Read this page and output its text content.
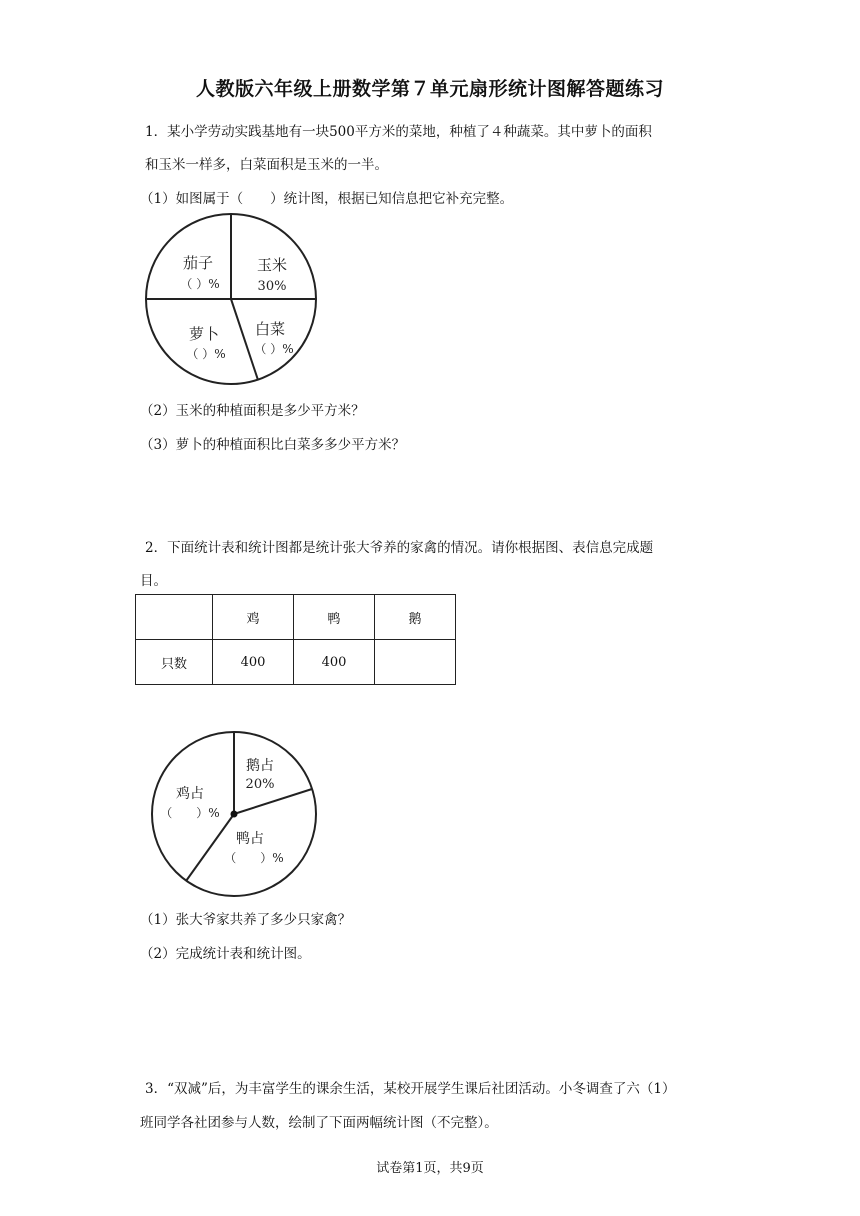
人教版六年级上册数学第７单元扇形统计图解答题练习
1．某小学劳动实践基地有一块500平方米的菜地，种植了４种蔬菜。其中萝卜的面积
和玉米一样多，白菜面积是玉米的一半。
（1）如图属于（　　）统计图，根据已知信息把它补充完整。
茄子
（ ）%
玉米
30%
萝卜
（ ）%
白菜
（ ）%
（2）玉米的种植面积是多少平方米？
（3）萝卜的种植面积比白菜多多少平方米？
2．下面统计表和统计图都是统计张大爷养的家禽的情况。请你根据图、表信息完成题
目。
	鸡	鸭	鹅
只数	400	400	
鹅占
20%
鸡占
（　　）%
鸭占
（　　）%
（1）张大爷家共养了多少只家禽？
（2）完成统计表和统计图。
3．“双减”后，为丰富学生的课余生活，某校开展学生课后社团活动。小冬调查了六（1）
班同学各社团参与人数，绘制了下面两幅统计图（不完整）。
试卷第1页，共9页
